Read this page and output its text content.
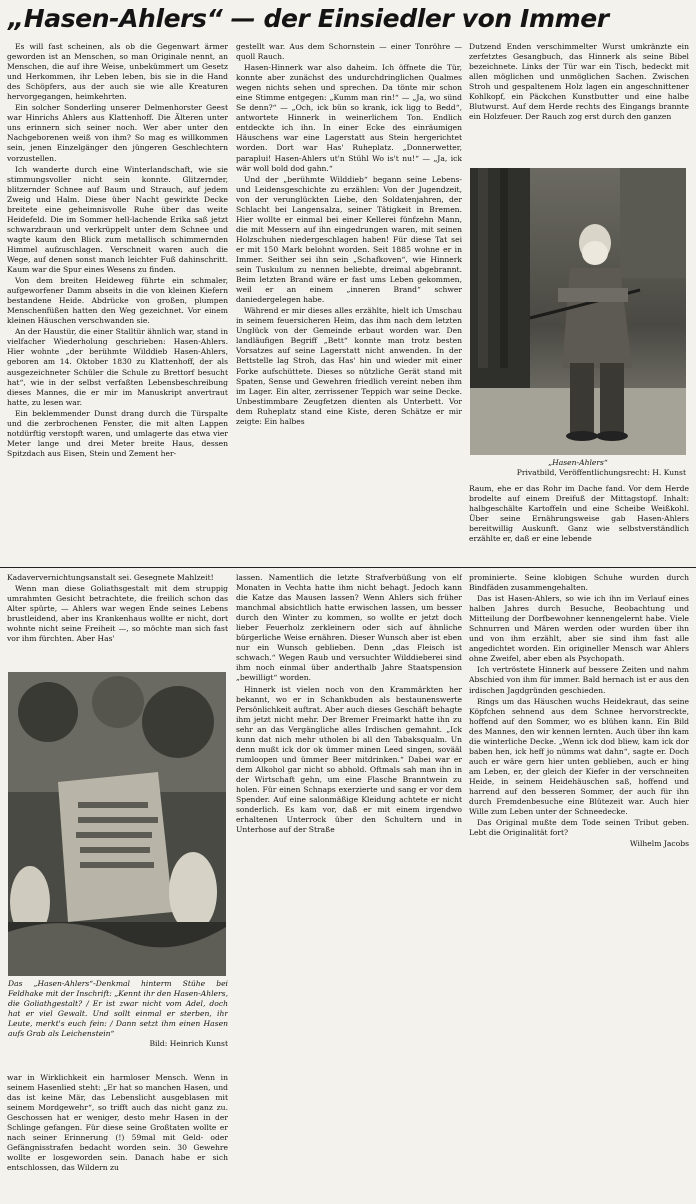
„Hasen-Ahlers“ — der Einsiedler von Immer

Es will fast scheinen, als ob die Gegenwart ärmer geworden ist an Menschen, so man Originale nennt, an Menschen, die auf ihre Weise, unbekümmert um Gesetz und Herkommen, ihr Leben leben, bis sie in die Hand des Schöpfers, aus der auch sie wie alle Kreaturen hervorgegangen, heimkehrten.

Ein solcher Sonderling unserer Delmenhorster Geest war Hinrichs Ahlers aus Klattenhoff. Die Älteren unter uns erinnern sich seiner noch. Wer aber unter den Nachgeborenen weiß von ihm? So mag es willkommen sein, jenen Einzelgänger den jüngeren Geschlechtern vorzustellen.

Ich wanderte durch eine Winterlandschaft, wie sie stimmungsvoller nicht sein konnte. Glitzernder, blitzernder Schnee auf Baum und Strauch, auf jedem Zweig und Halm. Diese über Nacht gewirkte Decke breitete eine geheimnisvolle Ruhe über das weite Heidefeld. Die im Sommer hell-lachende Erika saß jetzt schwarzbraun und verkrüppelt unter dem Schnee und wagte kaum den Blick zum metallisch schimmernden Himmel aufzuschlagen. Verschneit waren auch die Wege, auf denen sonst manch leichter Fuß dahinschritt. Kaum war die Spur eines Wesens zu finden.

Von dem breiten Heideweg führte ein schmaler, aufgeworfener Damm abseits in die von kleinen Kiefern bestandene Heide. Abdrücke von großen, plumpen Menschenfüßen hatten den Weg gezeichnet. Vor einem kleinen Häuschen verschwanden sie.

An der Haustür, die einer Stalltür ähnlich war, stand in vielfacher Wiederholung geschrieben: Hasen-Ahlers. Hier wohnte „der berühmte Wilddieb Hasen-Ahlers, geboren am 14. Oktober 1830 zu Klattenhoff, der als ausgezeichneter Schüler die Schule zu Brettorf besucht hat“, wie in der selbst verfaßten Lebensbeschreibung dieses Mannes, die er mir im Manuskript anvertraut hatte, zu lesen war.

Ein beklemmender Dunst drang durch die Türspalte und die zerbrochenen Fenster, die mit alten Lappen notdürftig verstopft waren, und umlagerte das etwa vier Meter lange und drei Meter breite Haus, dessen Spitzdach aus Eisen, Stein und Zement her-

gestellt war. Aus dem Schornstein — einer Tonröhre — quoll Rauch.

Hasen-Hinnerk war also daheim. Ich öffnete die Tür, konnte aber zunächst des undurchdringlichen Qualmes wegen nichts sehen und sprechen. Da tönte mir schon eine Stimme entgegen: „Kumm man rin!“ — „Ja, wo sünd Se denn?“ — „Och, ick bün so krank, ick ligg to Bedd“, antwortete Hinnerk in weinerlichem Ton. Endlich entdeckte ich ihn. In einer Ecke des einräumigen Häuschens war eine Lagerstatt aus Stein hergerichtet worden. Dort war Has' Ruheplatz. „Donnerwetter, paraplui! Hasen-Ahlers ut'n Stühl Wo is't nu!“ — „Ja, ick wär woll bold dod gahn.“

Und der „berühmte Wilddieb“ begann seine Lebens- und Leidensgeschichte zu erzählen: Von der Jugendzeit, von der verunglückten Liebe, den Soldatenjahren, der Schlacht bei Langensalza, seiner Tätigkeit in Bremen. Hier wollte er einmal bei einer Kellerei fünfzehn Mann, die mit Messern auf ihn eingedrungen waren, mit seinen Holzschuhen niedergeschlagen haben! Für diese Tat sei er mit 150 Mark belohnt worden. Seit 1885 wohne er in Immer. Seither sei ihn sein „Schafkoven“, wie Hinnerk sein Tuskulum zu nennen beliebte, dreimal abgebrannt. Beim letzten Brand wäre er fast ums Leben gekommen, weil er an einem „inneren Brand“ schwer daniedergelegen habe.

Während er mir dieses alles erzählte, hielt ich Umschau in seinem feuersicheren Heim, das ihm nach dem letzten Unglück von der Gemeinde erbaut worden war. Den landläufigen Begriff „Bett“ konnte man trotz besten Vorsatzes auf seine Lagerstatt nicht anwenden. In der Bettstelle lag Stroh, das Has' hin und wieder mit einer Forke aufschüttete. Dieses so nützliche Gerät stand mit Spaten, Sense und Gewehren friedlich vereint neben ihm im Lager. Ein alter, zerrissener Teppich war seine Decke. Unbestimmbare Zeugfetzen dienten als Unterbett. Vor dem Ruheplatz stand eine Kiste, deren Schätze er mir zeigte: Ein halbes

Dutzend Enden verschimmelter Wurst umkränzte ein zerfetztes Gesangbuch, das Hinnerk als seine Bibel bezeichnete. Links der Tür war ein Tisch, bedeckt mit allen möglichen und unmöglichen Sachen. Zwischen Stroh und gespaltenem Holz lagen ein angeschnittener Kohlkopf, ein Päckchen Kunstbutter und eine halbe Blutwurst. Auf dem Herde rechts des Eingangs brannte ein Holzfeuer. Der Rauch zog erst durch den ganzen

„Hasen-Ahlers“
Privatbild, Veröffentlichungsrecht: H. Kunst

Raum, ehe er das Rohr im Dache fand. Vor dem Herde brodelte auf einem Dreifuß der Mittagstopf. Inhalt: halbgeschälte Kartoffeln und eine Scheibe Weißkohl. Über seine Ernährungsweise gab Hasen-Ahlers bereitwillig Auskunft. Ganz wie selbstverständlich erzählte er, daß er eine lebende

Kadaververnichtungsanstalt sei. Gesegnete Mahlzeit!

Wenn man diese Goliathsgestalt mit dem struppig umrahmten Gesicht betrachtete, die freilich schon das Alter spürte, — Ahlers war wegen Ende seines Lebens brustleidend, aber ins Krankenhaus wollte er nicht, dort wohnte nicht seine Freiheit —, so möchte man sich fast vor ihm fürchten. Aber Has'

Das „Hasen-Ahlers“-Denkmal hinterm Stühe bei Feldhake mit der Inschrift: „Kennt ihr den Hasen-Ahlers, die Goliathgestalt? / Er ist zwar nicht vom Adel, doch hat er viel Gewalt. Und sollt einmal er sterben, ihr Leute, merkt's euch fein: / Dann setzt ihm einen Hasen aufs Grab als Leichenstein“
Bild: Heinrich Kunst

war in Wirklichkeit ein harmloser Mensch. Wenn in seinem Hasenlied steht: „Er hat so manchen Hasen, und das ist keine Mär, das Lebenslicht ausgeblasen mit seinem Mordgewehr“, so trifft auch das nicht ganz zu. Geschossen hat er weniger, desto mehr Hasen in der Schlinge gefangen. Für diese seine Großtaten wollte er nach seiner Erinnerung (!) 59mal mit Geld- oder Gefängnisstrafen bedacht worden sein. 30 Gewehre wollte er losgeworden sein. Danach habe er sich entschlossen, das Wildern zu

lassen. Namentlich die letzte Strafverbüßung von elf Monaten in Vechta hatte ihm nicht behagt. Jedoch kann die Katze das Mausen lassen? Wenn Ahlers sich früher manchmal absichtlich hatte erwischen lassen, um besser durch den Winter zu kommen, so wollte er jetzt doch lieber Feuerholz zerkleinern oder sich auf ähnliche bürgerliche Weise ernähren. Dieser Wunsch aber ist eben nur ein Wunsch geblieben. Denn „das Fleisch ist schwach.“ Wegen Raub und versuchter Wilddieberei sind ihm noch einmal über anderthalb Jahre Staatspension „bewilligt“ worden.

Hinnerk ist vielen noch von den Krammärkten her bekannt, wo er in Schankbuden als bestaunenswerte Persönlichkeit auftrat. Aber auch dieses Geschäft behagte ihm jetzt nicht mehr. Der Bremer Freimarkt hatte ihn zu sehr an das Vergängliche alles Irdischen gemahnt. „Ick kunn dat nich mehr utholen bi all den Tabaksqualm. Un denn mußt ick dor ok ümmer minen Leed singen, sovääl rumloopen und ümmer Beer mitdrinken.“ Dabei war er dem Alkohol gar nicht so abhold. Oftmals sah man ihn in der Wirtschaft gehn, um eine Flasche Branntwein zu holen. Für einen Schnaps exerzierte und sang er vor dem Spender. Auf eine salonmäßige Kleidung achtete er nicht sonderlich. Es kam vor, daß er mit einem irgendwo erhaltenen Unterrock über den Schultern und in Unterhose auf der Straße

prominierte. Seine klobigen Schuhe wurden durch Bindfäden zusammengehalten.

Das ist Hasen-Ahlers, so wie ich ihn im Verlauf eines halben Jahres durch Besuche, Beobachtung und Mitteilung der Dorfbewohner kennengelernt habe. Viele Schnurren und Mären werden oder wurden über ihn und von ihm erzählt, aber sie sind ihm fast alle angedichtet worden. Ein origineller Mensch war Ahlers ohne Zweifel, aber eben als Psychopath.

Ich vertröstete Hinnerk auf bessere Zeiten und nahm Abschied von ihm für immer. Bald hernach ist er aus den irdischen Jagdgründen geschieden.

Rings um das Häuschen wuchs Heidekraut, das seine Köpfchen sehnend aus dem Schnee hervorstreckte, hoffend auf den Sommer, wo es blühen kann. Ein Bild des Mannes, den wir kennen lernten. Auch über ihn kam die winterliche Decke. „Wenn ick dod bliew, kam ick dor baben hen, ick heff jo nümms wat dahn“, sagte er. Doch auch er wäre gern hier unten geblieben, auch er hing am Leben, er, der gleich der Kiefer in der verschneiten Heide, in seinem Heidehäuschen saß, hoffend und harrend auf den besseren Sommer, der auch für ihn durch Fremdenbesuche eine Blütezeit war. Auch hier Wille zum Leben unter der Schneedecke.

Das Original mußte dem Tode seinen Tribut geben. Lebt die Originalität fort?

Wilhelm Jacobs
